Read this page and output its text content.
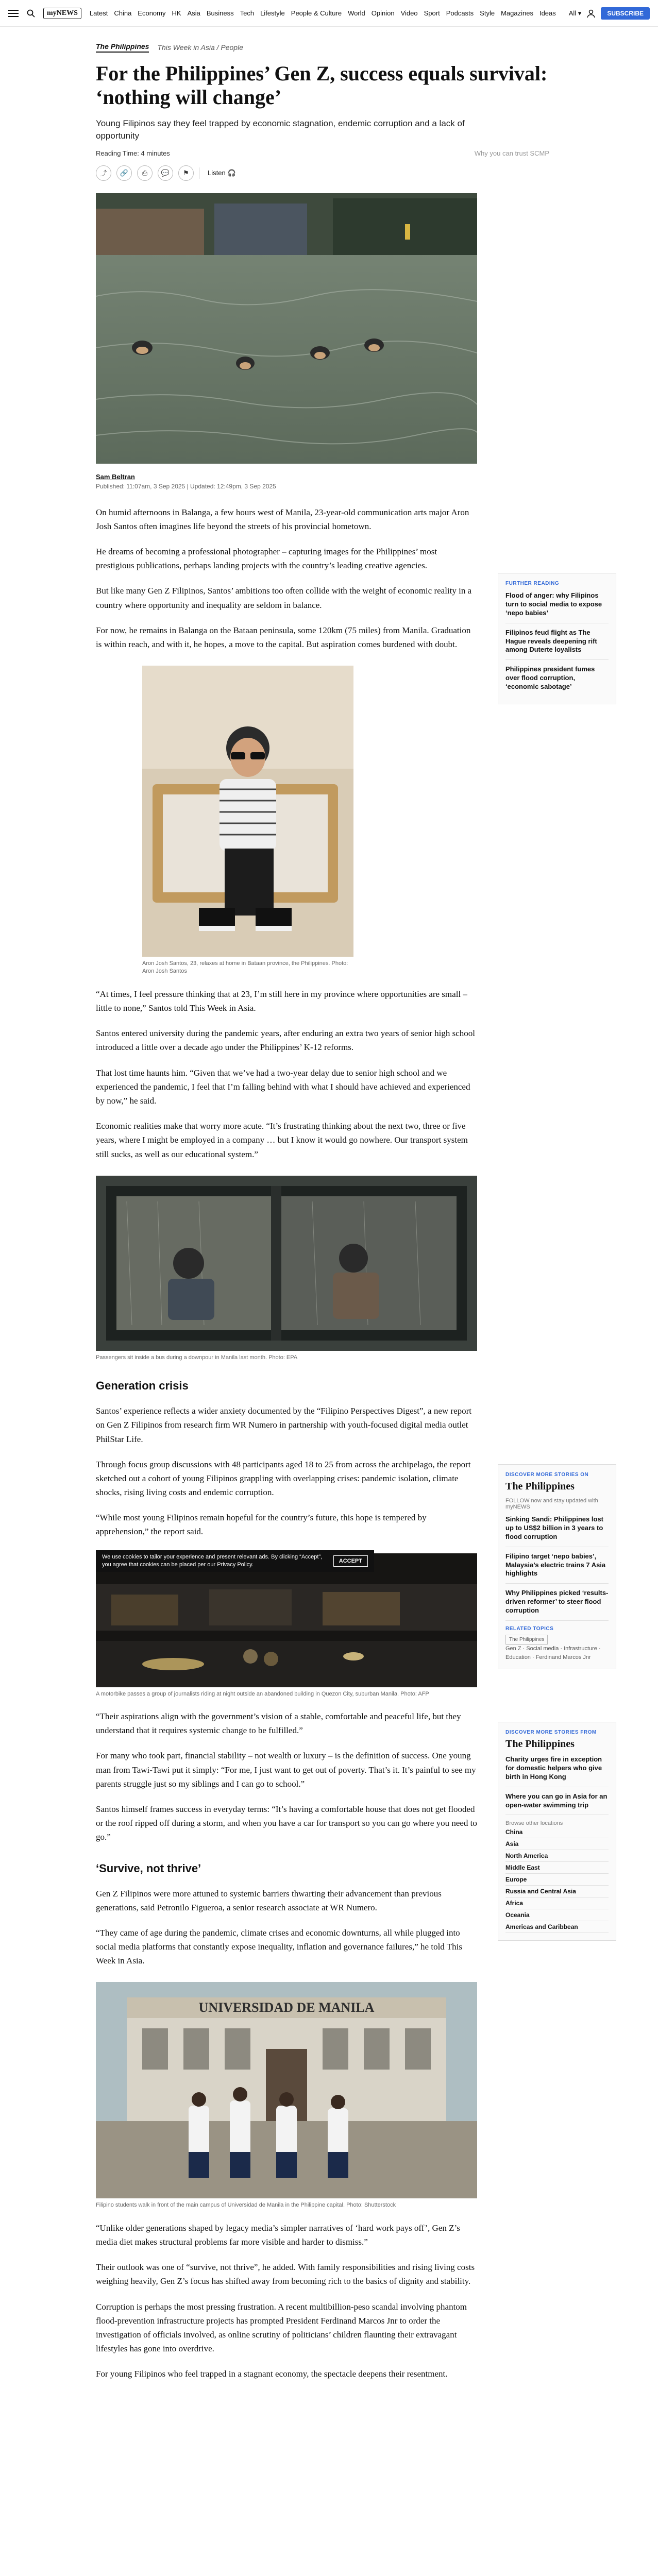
myNEWS	Latest China Economy HK Asia Business Tech Lifestyle People & Culture World Opinion Video Sport Podcasts Style Magazines Ideas All ▾	SUBSCRIBE
The Philippines This Week in Asia / People
For the Philippines’ Gen Z, success equals survival: ‘nothing will change’
Young Filipinos say they feel trapped by economic stagnation, endemic corruption and a lack of opportunity
Reading Time: 4 minutes	Why you can trust SCMP
⤴	🔗	⎙	💬	⚑	Listen 🎧
Sam Beltran
Published: 11:07am, 3 Sep 2025 | Updated: 12:49pm, 3 Sep 2025
FURTHER READING
Flood of anger: why Filipinos turn to social media to expose ‘nepo babies’
Filipinos feud flight as The Hague reveals deepening rift among Duterte loyalists
Philippines president fumes over flood corruption, ‘economic sabotage’
DISCOVER MORE STORIES ON
The Philippines
FOLLOW now and stay updated with myNEWS
Sinking Sandi: Philippines lost up to US$2 billion in 3 years to flood corruption
Filipino target ‘nepo babies’, Malaysia’s electric trains 7 Asia highlights
Why Philippines picked ‘results-driven reformer’ to steer flood corruption
RELATED TOPICS
The Philippines
Gen Z · Social media · Infrastructure · Education · Ferdinand Marcos Jnr
DISCOVER MORE STORIES FROM
The Philippines
Charity urges fire in exception for domestic helpers who give birth in Hong Kong
Where you can go in Asia for an open-water swimming trip
Browse other locations
China
Asia
North America
Middle East
Europe
Russia and Central Asia
Africa
Oceania
Americas and Caribbean

On humid afternoons in Balanga, a few hours west of Manila, 23-year-old communication arts major Aron Josh Santos often imagines life beyond the streets of his provincial hometown.

He dreams of becoming a professional photographer – capturing images for the Philippines’ most prestigious publications, perhaps landing projects with the country’s leading creative agencies.

But like many Gen Z Filipinos, Santos’ ambitions too often collide with the weight of economic reality in a country where opportunity and inequality are seldom in balance.

For now, he remains in Balanga on the Bataan peninsula, some 120km (75 miles) from Manila. Graduation is within reach, and with it, he hopes, a move to the capital. But aspiration comes burdened with doubt.

Aron Josh Santos, 23, relaxes at home in Bataan province, the Philippines. Photo: Aron Josh Santos

“At times, I feel pressure thinking that at 23, I’m still here in my province where opportunities are small – little to none,” Santos told This Week in Asia.

Santos entered university during the pandemic years, after enduring an extra two years of senior high school introduced a little over a decade ago under the Philippines’ K-12 reforms.

That lost time haunts him. “Given that we’ve had a two-year delay due to senior high school and we experienced the pandemic, I feel that I’m falling behind with what I should have achieved and experienced by now,” he said.

Economic realities make that worry more acute. “It’s frustrating thinking about the next two, three or five years, where I might be employed in a company … but I know it would go nowhere. Our transport system still sucks, as well as our educational system.”

Passengers sit inside a bus during a downpour in Manila last month. Photo: EPA
Generation crisis

Santos’ experience reflects a wider anxiety documented by the “Filipino Perspectives Digest”, a new report on Gen Z Filipinos from research firm WR Numero in partnership with youth-focused digital media outlet PhilStar Life.

Through focus group discussions with 48 participants aged 18 to 25 from across the archipelago, the report sketched out a cohort of young Filipinos grappling with overlapping crises: pandemic isolation, climate shocks, rising living costs and endemic corruption.

“While most young Filipinos remain hopeful for the country’s future, this hope is tempered by apprehension,” the report said.

We use cookies to tailor your experience and present relevant ads. By clicking “Accept”, you agree that cookies can be placed per our Privacy Policy.
ACCEPT
A motorbike passes a group of journalists riding at night outside an abandoned building in Quezon City, suburban Manila. Photo: AFP

“Their aspirations align with the government’s vision of a stable, comfortable and peaceful life, but they understand that it requires systemic change to be fulfilled.”

For many who took part, financial stability – not wealth or luxury – is the definition of success. One young man from Tawi-Tawi put it simply: “For me, I just want to get out of poverty. That’s it. It’s painful to see my parents struggle just so my siblings and I can go to school.”

Santos himself frames success in everyday terms: “It’s having a comfortable house that does not get flooded or the roof ripped off during a storm, and when you have a car for transport so you can go where you need to go.”

‘Survive, not thrive’

Gen Z Filipinos were more attuned to systemic barriers thwarting their advancement than previous generations, said Petronilo Figueroa, a senior research associate at WR Numero.

“They came of age during the pandemic, climate crises and economic downturns, all while plugged into social media platforms that constantly expose inequality, inflation and governance failures,” he told This Week in Asia.

UNIVERSIDAD DE MANILA
Filipino students walk in front of the main campus of Universidad de Manila in the Philippine capital. Photo: Shutterstock

“Unlike older generations shaped by legacy media’s simpler narratives of ‘hard work pays off’, Gen Z’s media diet makes structural problems far more visible and harder to dismiss.”

Their outlook was one of “survive, not thrive”, he added. With family responsibilities and rising living costs weighing heavily, Gen Z’s focus has shifted away from becoming rich to the basics of dignity and stability.

Corruption is perhaps the most pressing frustration. A recent multibillion-peso scandal involving phantom flood-prevention infrastructure projects has prompted President Ferdinand Marcos Jnr to order the investigation of officials involved, as online scrutiny of politicians’ children flaunting their extravagant lifestyles has gone into overdrive.

For young Filipinos who feel trapped in a stagnant economy, the spectacle deepens their resentment.
